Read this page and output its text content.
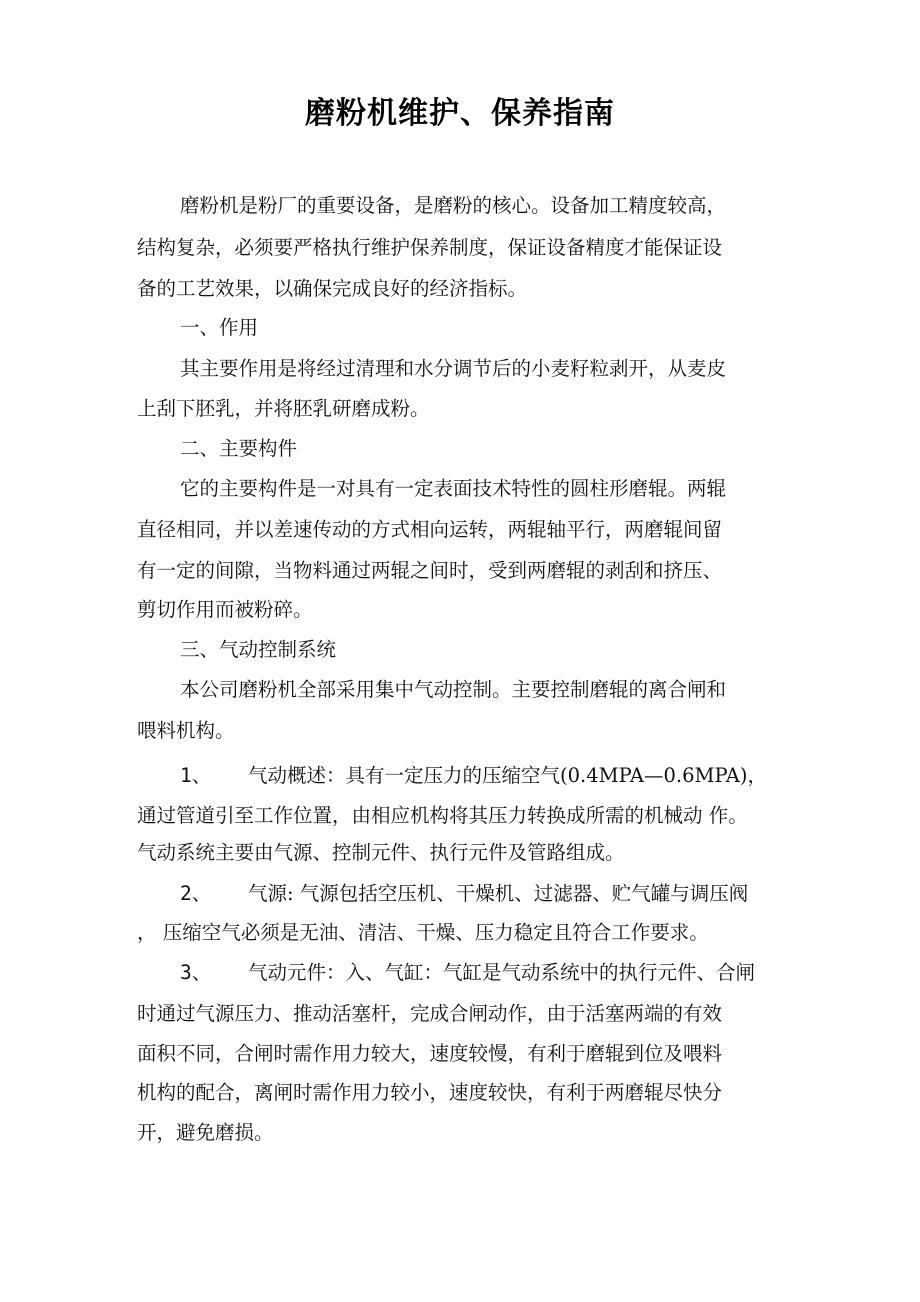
磨粉机维护、保养指南
磨粉机是粉厂的重要设备，是磨粉的核心。设备加工精度较高，
结构复杂，必须要严格执行维护保养制度，保证设备精度才能保证设
备的工艺效果，以确保完成良好的经济指标。
一、作用
其主要作用是将经过清理和水分调节后的小麦籽粒剥开，从麦皮
上刮下胚乳，并将胚乳研磨成粉。
二、主要构件
它的主要构件是一对具有一定表面技术特性的圆柱形磨辊。两辊
直径相同，并以差速传动的方式相向运转，两辊轴平行，两磨辊间留
有一定的间隙，当物料通过两辊之间时，受到两磨辊的剥刮和挤压、
剪切作用而被粉碎。
三、气动控制系统
本公司磨粉机全部采用集中气动控制。主要控制磨辊的离合闸和
喂料机构。
1、 气动概述：具有一定压力的压缩空气(0.4MPA—0.6MPA)，
通过管道引至工作位置，由相应机构将其压力转换成所需的机械动 作。
气动系统主要由气源、控制元件、执行元件及管路组成。
2、 气源: 气源包括空压机、干燥机、过滤器、贮气罐与调压阀
， 压缩空气必须是无油、清洁、干燥、压力稳定且符合工作要求。
3、 气动元件：入、气缸：气缸是气动系统中的执行元件、合闸
时通过气源压力、推动活塞杆，完成合闸动作，由于活塞两端的有效
面积不同，合闸时需作用力较大，速度较慢，有利于磨辊到位及喂料
机构的配合，离闸时需作用力较小，速度较快，有利于两磨辊尽快分
开，避免磨损。
